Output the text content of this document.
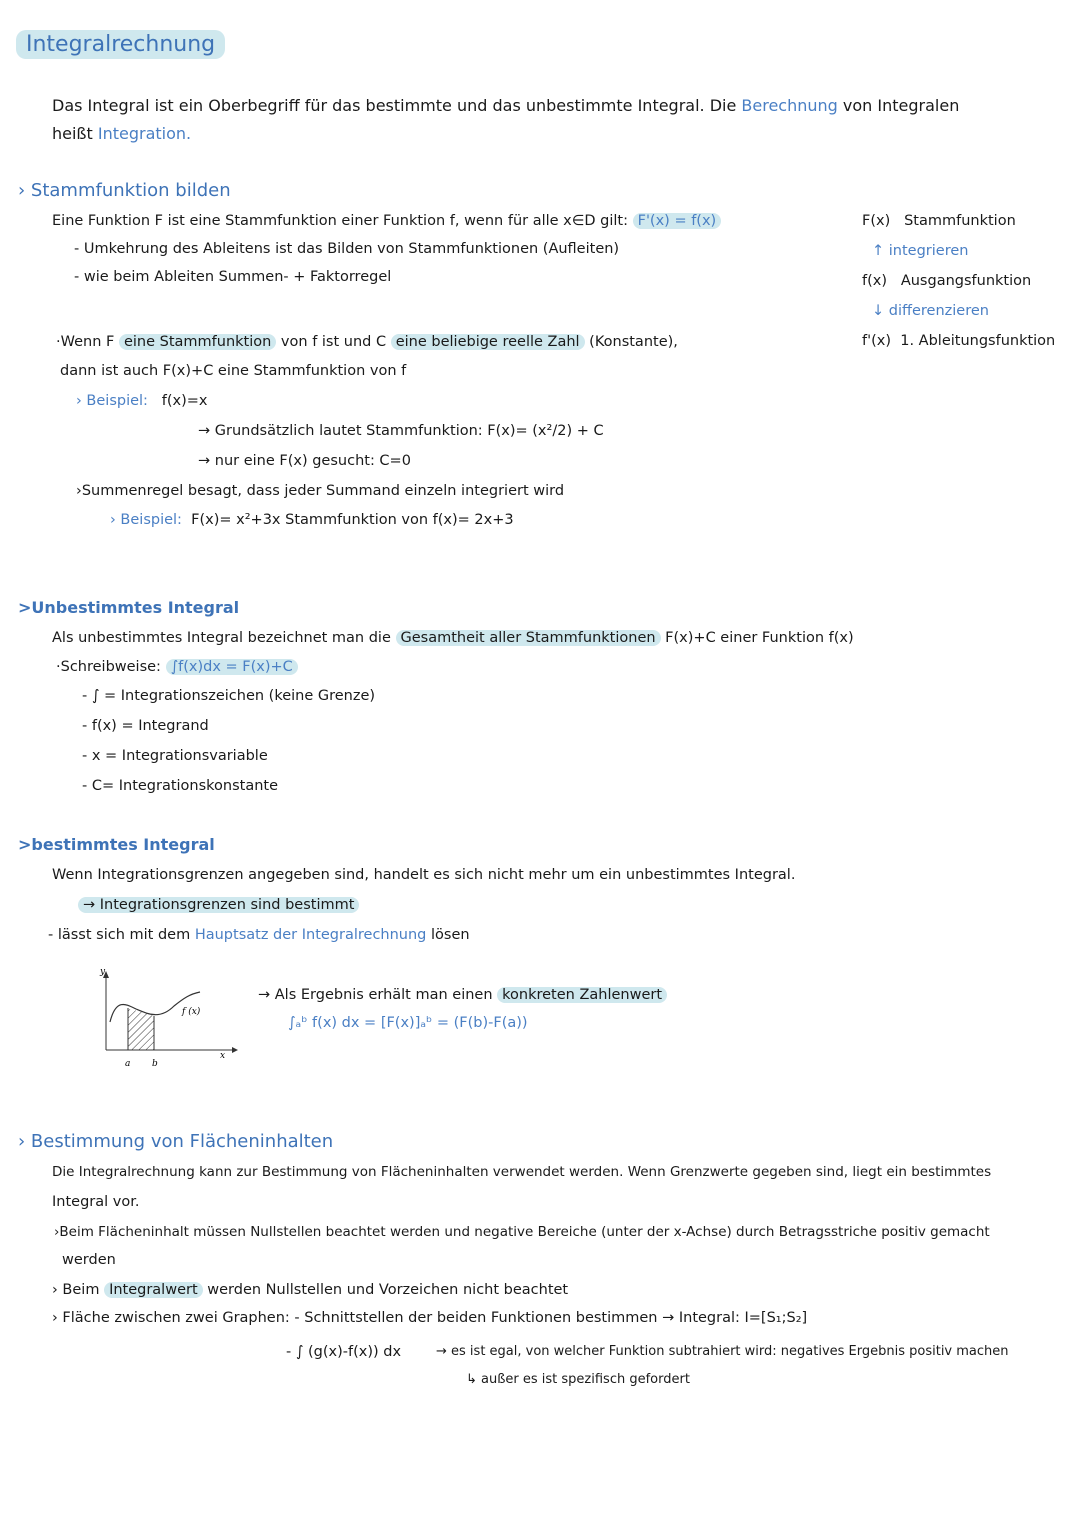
Integralrechnung
Das Integral ist ein Oberbegriff für das bestimmte und das unbestimmte Integral. Die Berechnung von Integralen
heißt Integration.
› Stammfunktion bilden
Eine Funktion F ist eine Stammfunktion einer Funktion f, wenn für alle x∈D gilt: F'(x) = f(x)
- Umkehrung des Ableitens ist das Bilden von Stammfunktionen (Aufleiten)
- wie beim Ableiten Summen- + Faktorregel
·Wenn F eine Stammfunktion von f ist und C eine beliebige reelle Zahl (Konstante),
dann ist auch F(x)+C eine Stammfunktion von f
› Beispiel: f(x)=x
→ Grundsätzlich lautet Stammfunktion: F(x)= (x²/2) + C
→ nur eine F(x) gesucht: C=0
›Summenregel besagt, dass jeder Summand einzeln integriert wird
› Beispiel: F(x)= x²+3x Stammfunktion von f(x)= 2x+3
F(x) Stammfunktion
↑ integrieren
f(x) Ausgangsfunktion
↓ differenzieren
f'(x) 1. Ableitungsfunktion
>Unbestimmtes Integral
Als unbestimmtes Integral bezeichnet man die Gesamtheit aller Stammfunktionen F(x)+C einer Funktion f(x)
·Schreibweise: ∫f(x)dx = F(x)+C
- ∫ = Integrationszeichen (keine Grenze)
- f(x) = Integrand
- x = Integrationsvariable
- C= Integrationskonstante
>bestimmtes Integral
Wenn Integrationsgrenzen angegeben sind, handelt es sich nicht mehr um ein unbestimmtes Integral.
→ Integrationsgrenzen sind bestimmt
- lässt sich mit dem Hauptsatz der Integralrechnung lösen
y
x
f (x)
a b
→ Als Ergebnis erhält man einen konkreten Zahlenwert
∫ₐᵇ f(x) dx = [F(x)]ₐᵇ = (F(b)-F(a))
› Bestimmung von Flächeninhalten
Die Integralrechnung kann zur Bestimmung von Flächeninhalten verwendet werden. Wenn Grenzwerte gegeben sind, liegt ein bestimmtes
Integral vor.
›Beim Flächeninhalt müssen Nullstellen beachtet werden und negative Bereiche (unter der x-Achse) durch Betragsstriche positiv gemacht
werden
› Beim Integralwert werden Nullstellen und Vorzeichen nicht beachtet
› Fläche zwischen zwei Graphen: - Schnittstellen der beiden Funktionen bestimmen → Integral: I=[S₁;S₂]
- ∫ (g(x)-f(x)) dx	→ es ist egal, von welcher Funktion subtrahiert wird: negatives Ergebnis positiv machen
↳ außer es ist spezifisch gefordert
